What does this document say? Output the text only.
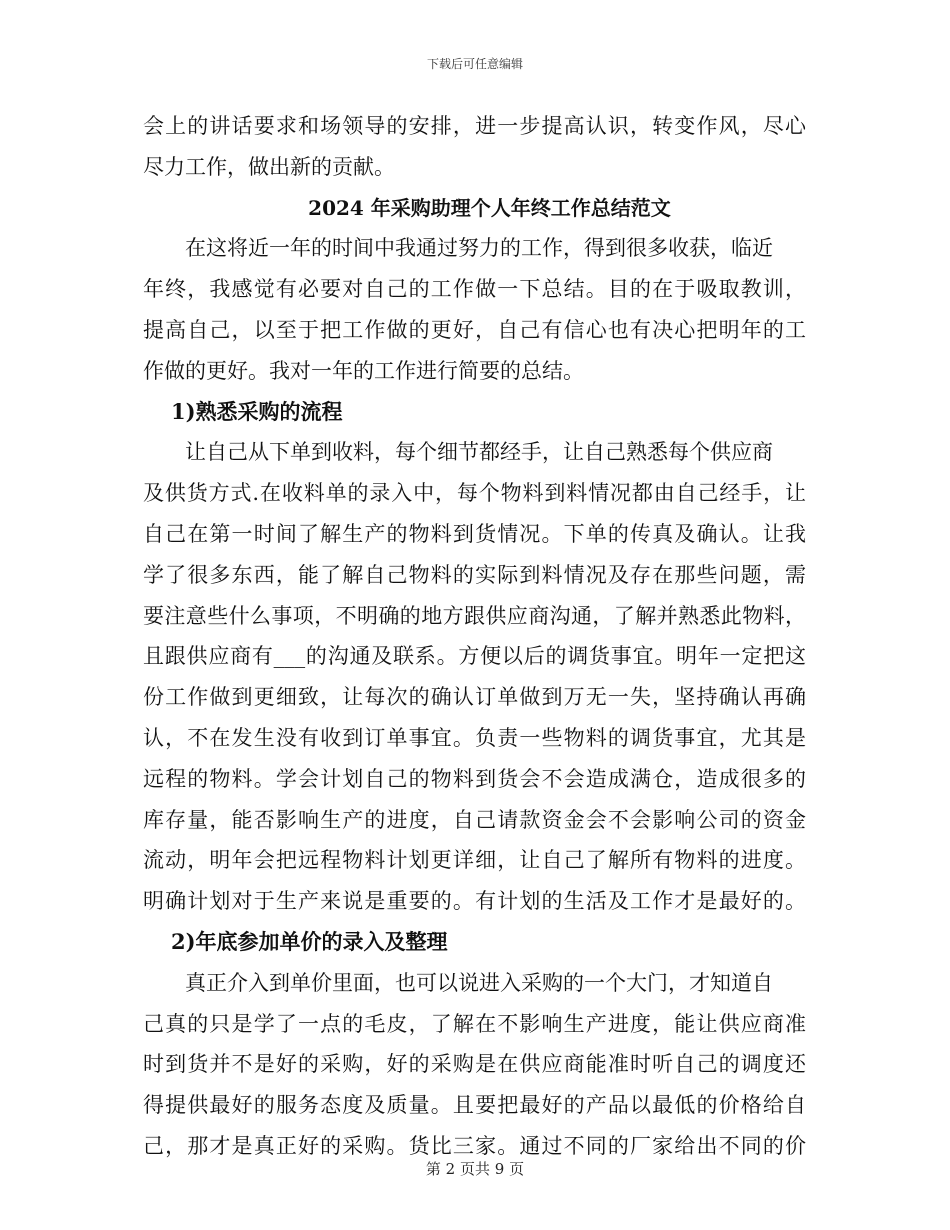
下载后可任意编辑
会上的讲话要求和场领导的安排，进一步提高认识，转变作风，尽心
尽力工作，做出新的贡献。
2024 年采购助理个人年终工作总结范文
在这将近一年的时间中我通过努力的工作，得到很多收获，临近
年终，我感觉有必要对自己的工作做一下总结。目的在于吸取教训，
提高自己，以至于把工作做的更好，自己有信心也有决心把明年的工
作做的更好。我对一年的工作进行简要的总结。
1)熟悉采购的流程
让自己从下单到收料，每个细节都经手，让自己熟悉每个供应商
及供货方式.在收料单的录入中，每个物料到料情况都由自己经手，让
自己在第一时间了解生产的物料到货情况。下单的传真及确认。让我
学了很多东西，能了解自己物料的实际到料情况及存在那些问题，需
要注意些什么事项，不明确的地方跟供应商沟通，了解并熟悉此物料，
且跟供应商有___的沟通及联系。方便以后的调货事宜。明年一定把这
份工作做到更细致，让每次的确认订单做到万无一失，坚持确认再确
认，不在发生没有收到订单事宜。负责一些物料的调货事宜，尤其是
远程的物料。学会计划自己的物料到货会不会造成满仓，造成很多的
库存量，能否影响生产的进度，自己请款资金会不会影响公司的资金
流动，明年会把远程物料计划更详细，让自己了解所有物料的进度。
明确计划对于生产来说是重要的。有计划的生活及工作才是最好的。
2)年底参加单价的录入及整理
真正介入到单价里面，也可以说进入采购的一个大门，才知道自
己真的只是学了一点的毛皮，了解在不影响生产进度，能让供应商准
时到货并不是好的采购，好的采购是在供应商能准时听自己的调度还
得提供最好的服务态度及质量。且要把最好的产品以最低的价格给自
己，那才是真正好的采购。货比三家。通过不同的厂家给出不同的价
第 2 页共 9 页
